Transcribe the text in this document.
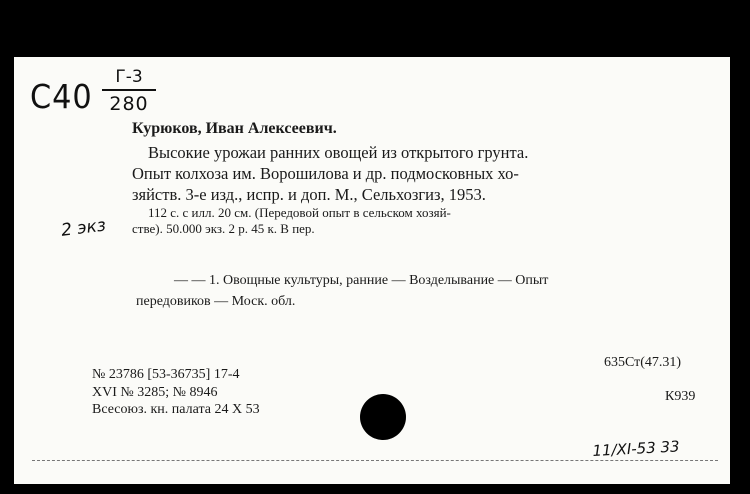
C40	Г-3
280
Курюков, Иван Алексеевич.
Высокие урожаи ранних овощей из открытого грунта.
Опыт колхоза им. Ворошилова и др. подмосковных хо-
зяйств. 3-е изд., испр. и доп. М., Сельхозгиз, 1953.
112 с. с илл. 20 см. (Передовой опыт в сельском хозяй-
стве). 50.000 экз. 2 р. 45 к. В пер.
2 экз
— — 1. Овощные культуры, ранние — Возделывание — Опыт
передовиков — Моск. обл.
№ 23786 [53-36735] 17-4
XVI № 3285; № 8946
Всесоюз. кн. палата 24 X 53
635Ст(47.31)
К939
11/XI-53 33
